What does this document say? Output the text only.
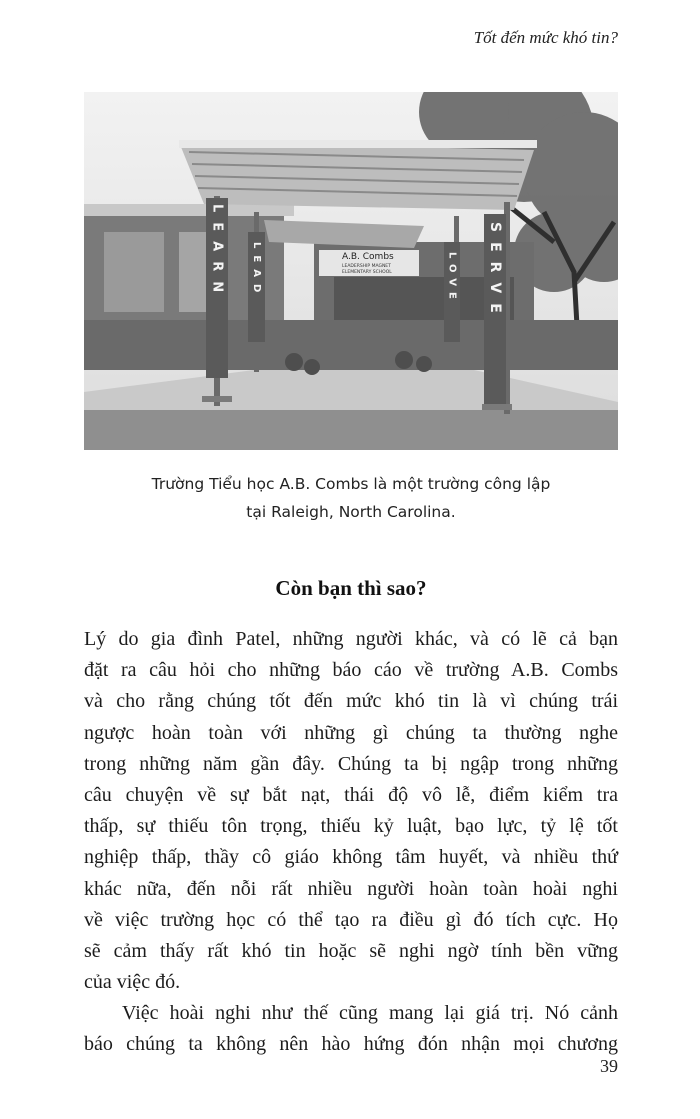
Tốt đến mức khó tin?
LEARN	LEAD	LOVE SERVE
A.B. Combs
LEADERSHIP MAGNET
ELEMENTARY SCHOOL
Trường Tiểu học A.B. Combs là một trường công lập
tại Raleigh, North Carolina.
Còn bạn thì sao?
Lý do gia đình Patel, những người khác, và có lẽ cả bạn
đặt ra câu hỏi cho những báo cáo về trường A.B. Combs
và cho rằng chúng tốt đến mức khó tin là vì chúng trái
ngược hoàn toàn với những gì chúng ta thường nghe
trong những năm gần đây. Chúng ta bị ngập trong những
câu chuyện về sự bắt nạt, thái độ vô lễ, điểm kiểm tra
thấp, sự thiếu tôn trọng, thiếu kỷ luật, bạo lực, tỷ lệ tốt
nghiệp thấp, thầy cô giáo không tâm huyết, và nhiều thứ
khác nữa, đến nỗi rất nhiều người hoàn toàn hoài nghi
về việc trường học có thể tạo ra điều gì đó tích cực. Họ
sẽ cảm thấy rất khó tin hoặc sẽ nghi ngờ tính bền vững
của việc đó.
Việc hoài nghi như thế cũng mang lại giá trị. Nó cảnh
báo chúng ta không nên hào hứng đón nhận mọi chương
39
